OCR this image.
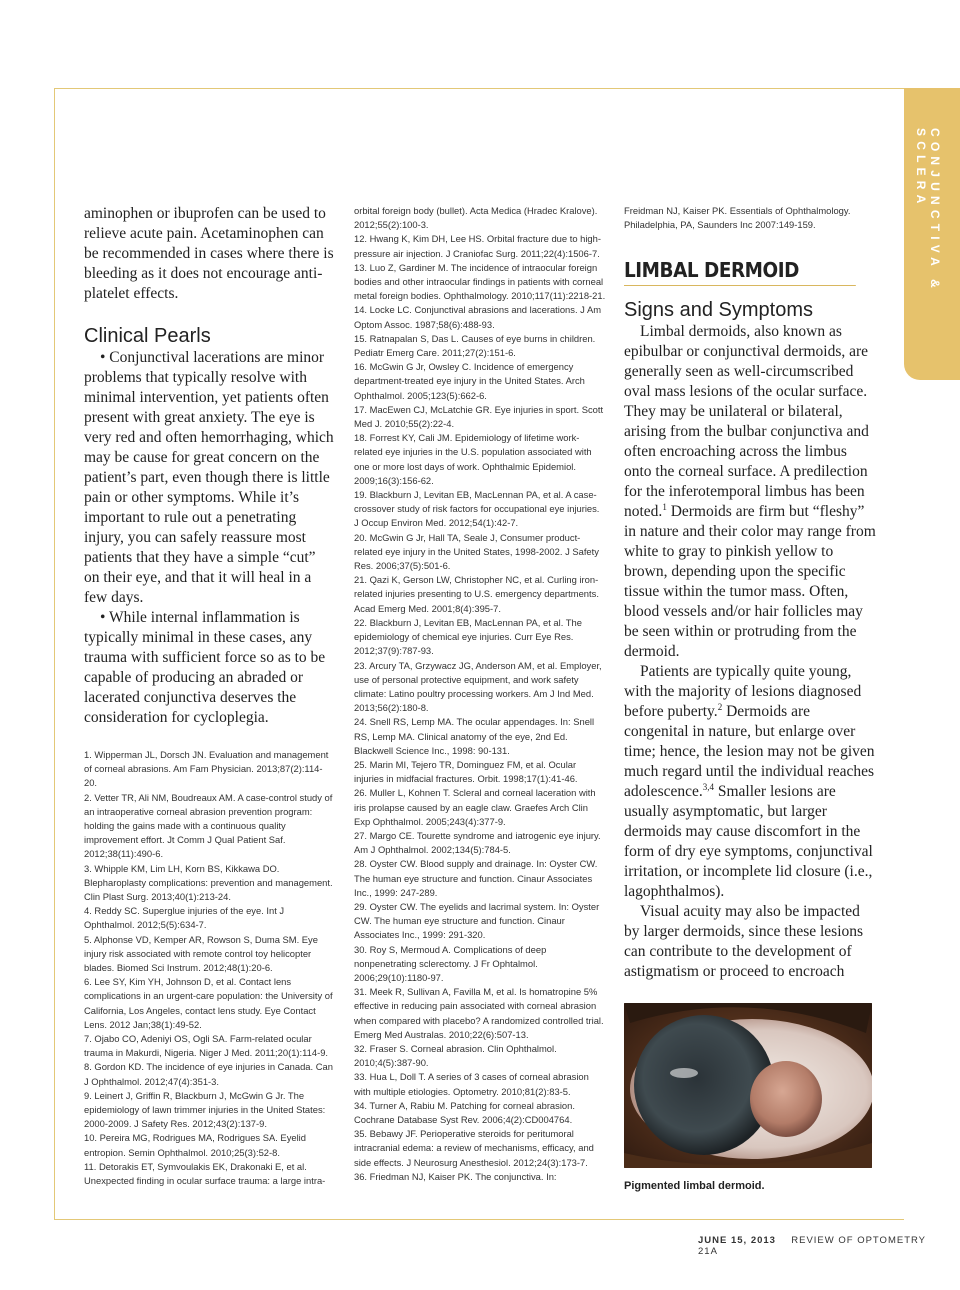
CONJUNCTIVA & SCLERA

aminophen or ibuprofen can be used to relieve acute pain. Acetaminophen can be recommended in cases where there is bleeding as it does not encourage anti-platelet effects.

Clinical Pearls

• Conjunctival lacerations are minor problems that typically resolve with minimal intervention, yet patients often present with great anxiety. The eye is very red and often hemorrhaging, which may be cause for great concern on the patient’s part, even though there is little pain or other symptoms. While it’s important to rule out a penetrating injury, you can safely reassure most patients that they have a simple “cut” on their eye, and that it will heal in a few days.

• While internal inflammation is typically minimal in these cases, any trauma with sufficient force so as to be capable of producing an abraded or lacerated conjunctiva deserves the consideration for cycloplegia.

1. Wipperman JL, Dorsch JN. Evaluation and management of corneal abrasions. Am Fam Physician. 2013;87(2):114-20.
2. Vetter TR, Ali NM, Boudreaux AM. A case-control study of an intraoperative corneal abrasion prevention program: holding the gains made with a continuous quality improvement effort. Jt Comm J Qual Patient Saf. 2012;38(11):490-6.
3. Whipple KM, Lim LH, Korn BS, Kikkawa DO. Blepharoplasty complications: prevention and management. Clin Plast Surg. 2013;40(1):213-24.
4. Reddy SC. Superglue injuries of the eye. Int J Ophthalmol. 2012;5(5):634-7.
5. Alphonse VD, Kemper AR, Rowson S, Duma SM. Eye injury risk associated with remote control toy helicopter blades. Biomed Sci Instrum. 2012;48(1):20-6.
6. Lee SY, Kim YH, Johnson D, et al. Contact lens complications in an urgent-care population: the University of California, Los Angeles, contact lens study. Eye Contact Lens. 2012 Jan;38(1):49-52.
7. Ojabo CO, Adeniyi OS, Ogli SA. Farm-related ocular trauma in Makurdi, Nigeria. Niger J Med. 2011;20(1):114-9.
8. Gordon KD. The incidence of eye injuries in Canada. Can J Ophthalmol. 2012;47(4):351-3.
9. Leinert J, Griffin R, Blackburn J, McGwin G Jr. The epidemiology of lawn trimmer injuries in the United States: 2000-2009. J Safety Res. 2012;43(2):137-9.
10. Pereira MG, Rodrigues MA, Rodrigues SA. Eyelid entropion. Semin Ophthalmol. 2010;25(3):52-8.
11. Detorakis ET, Symvoulakis EK, Drakonaki E, et al. Unexpected finding in ocular surface trauma: a large intra-
orbital foreign body (bullet). Acta Medica (Hradec Kralove). 2012;55(2):100-3.
12. Hwang K, Kim DH, Lee HS. Orbital fracture due to high-pressure air injection. J Craniofac Surg. 2011;22(4):1506-7.
13. Luo Z, Gardiner M. The incidence of intraocular foreign bodies and other intraocular findings in patients with corneal metal foreign bodies. Ophthalmology. 2010;117(11):2218-21.
14. Locke LC. Conjunctival abrasions and lacerations. J Am Optom Assoc. 1987;58(6):488-93.
15. Ratnapalan S, Das L. Causes of eye burns in children. Pediatr Emerg Care. 2011;27(2):151-6.
16. McGwin G Jr, Owsley C. Incidence of emergency department-treated eye injury in the United States. Arch Ophthalmol. 2005;123(5):662-6.
17. MacEwen CJ, McLatchie GR. Eye injuries in sport. Scott Med J. 2010;55(2):22-4.
18. Forrest KY, Cali JM. Epidemiology of lifetime work-related eye injuries in the U.S. population associated with one or more lost days of work. Ophthalmic Epidemiol. 2009;16(3):156-62.
19. Blackburn J, Levitan EB, MacLennan PA, et al. A case-crossover study of risk factors for occupational eye injuries. J Occup Environ Med. 2012;54(1):42-7.
20. McGwin G Jr, Hall TA, Seale J, Consumer product-related eye injury in the United States, 1998-2002. J Safety Res. 2006;37(5):501-6.
21. Qazi K, Gerson LW, Christopher NC, et al. Curling iron-related injuries presenting to U.S. emergency departments. Acad Emerg Med. 2001;8(4):395-7.
22. Blackburn J, Levitan EB, MacLennan PA, et al. The epidemiology of chemical eye injuries. Curr Eye Res. 2012;37(9):787-93.
23. Arcury TA, Grzywacz JG, Anderson AM, et al. Employer, use of personal protective equipment, and work safety climate: Latino poultry processing workers. Am J Ind Med. 2013;56(2):180-8.
24. Snell RS, Lemp MA. The ocular appendages. In: Snell RS, Lemp MA. Clinical anatomy of the eye, 2nd Ed. Blackwell Science Inc., 1998: 90-131.
25. Marin MI, Tejero TR, Dominguez FM, et al. Ocular injuries in midfacial fractures. Orbit. 1998;17(1):41-46.
26. Muller L, Kohnen T. Scleral and corneal laceration with iris prolapse caused by an eagle claw. Graefes Arch Clin Exp Ophthalmol. 2005;243(4):377-9.
27. Margo CE. Tourette syndrome and iatrogenic eye injury. Am J Ophthalmol. 2002;134(5):784-5.
28. Oyster CW. Blood supply and drainage. In: Oyster CW. The human eye structure and function. Cinaur Associates Inc., 1999: 247-289.
29. Oyster CW. The eyelids and lacrimal system. In: Oyster CW. The human eye structure and function. Cinaur Associates Inc., 1999: 291-320.
30. Roy S, Mermoud A. Complications of deep nonpenetrating sclerectomy. J Fr Ophtalmol. 2006;29(10):1180-97.
31. Meek R, Sullivan A, Favilla M, et al. Is homatropine 5% effective in reducing pain associated with corneal abrasion when compared with placebo? A randomized controlled trial. Emerg Med Australas. 2010;22(6):507-13.
32. Fraser S. Corneal abrasion. Clin Ophthalmol. 2010;4(5):387-90.
33. Hua L, Doll T. A series of 3 cases of corneal abrasion with multiple etiologies. Optometry. 2010;81(2):83-5.
34. Turner A, Rabiu M. Patching for corneal abrasion. Cochrane Database Syst Rev. 2006;4(2):CD004764.
35. Bebawy JF. Perioperative steroids for peritumoral intracranial edema: a review of mechanisms, efficacy, and side effects. J Neurosurg Anesthesiol. 2012;24(3):173-7.
36. Friedman NJ, Kaiser PK. The conjunctiva. In:

Freidman NJ, Kaiser PK. Essentials of Ophthalmology. Philadelphia, PA, Saunders Inc 2007:149-159.

LIMBAL DERMOID
Signs and Symptoms

Limbal dermoids, also known as epibulbar or conjunctival dermoids, are generally seen as well-circumscribed oval mass lesions of the ocular surface. They may be unilateral or bilateral, arising from the bulbar conjunctiva and often encroaching across the limbus onto the corneal surface. A predilection for the inferotemporal limbus has been noted.$^1$ Dermoids are firm but “fleshy” in nature and their color may range from white to gray to pinkish yellow to brown, depending upon the specific tissue within the tumor mass. Often, blood vessels and/or hair follicles may be seen within or protruding from the dermoid.

Patients are typically quite young, with the majority of lesions diagnosed before puberty.$^2$ Dermoids are congenital in nature, but enlarge over time; hence, the lesion may not be given much regard until the individual reaches adolescence.$^{3,4}$ Smaller lesions are usually asymptomatic, but larger dermoids may cause discomfort in the form of dry eye symptoms, conjunctival irritation, or incomplete lid closure (i.e., lagophthalmos).

Visual acuity may also be impacted by larger dermoids, since these lesions can contribute to the development of astigmatism or proceed to encroach

Pigmented limbal dermoid.
JUNE 15, 2013 REVIEW OF OPTOMETRY  21A
